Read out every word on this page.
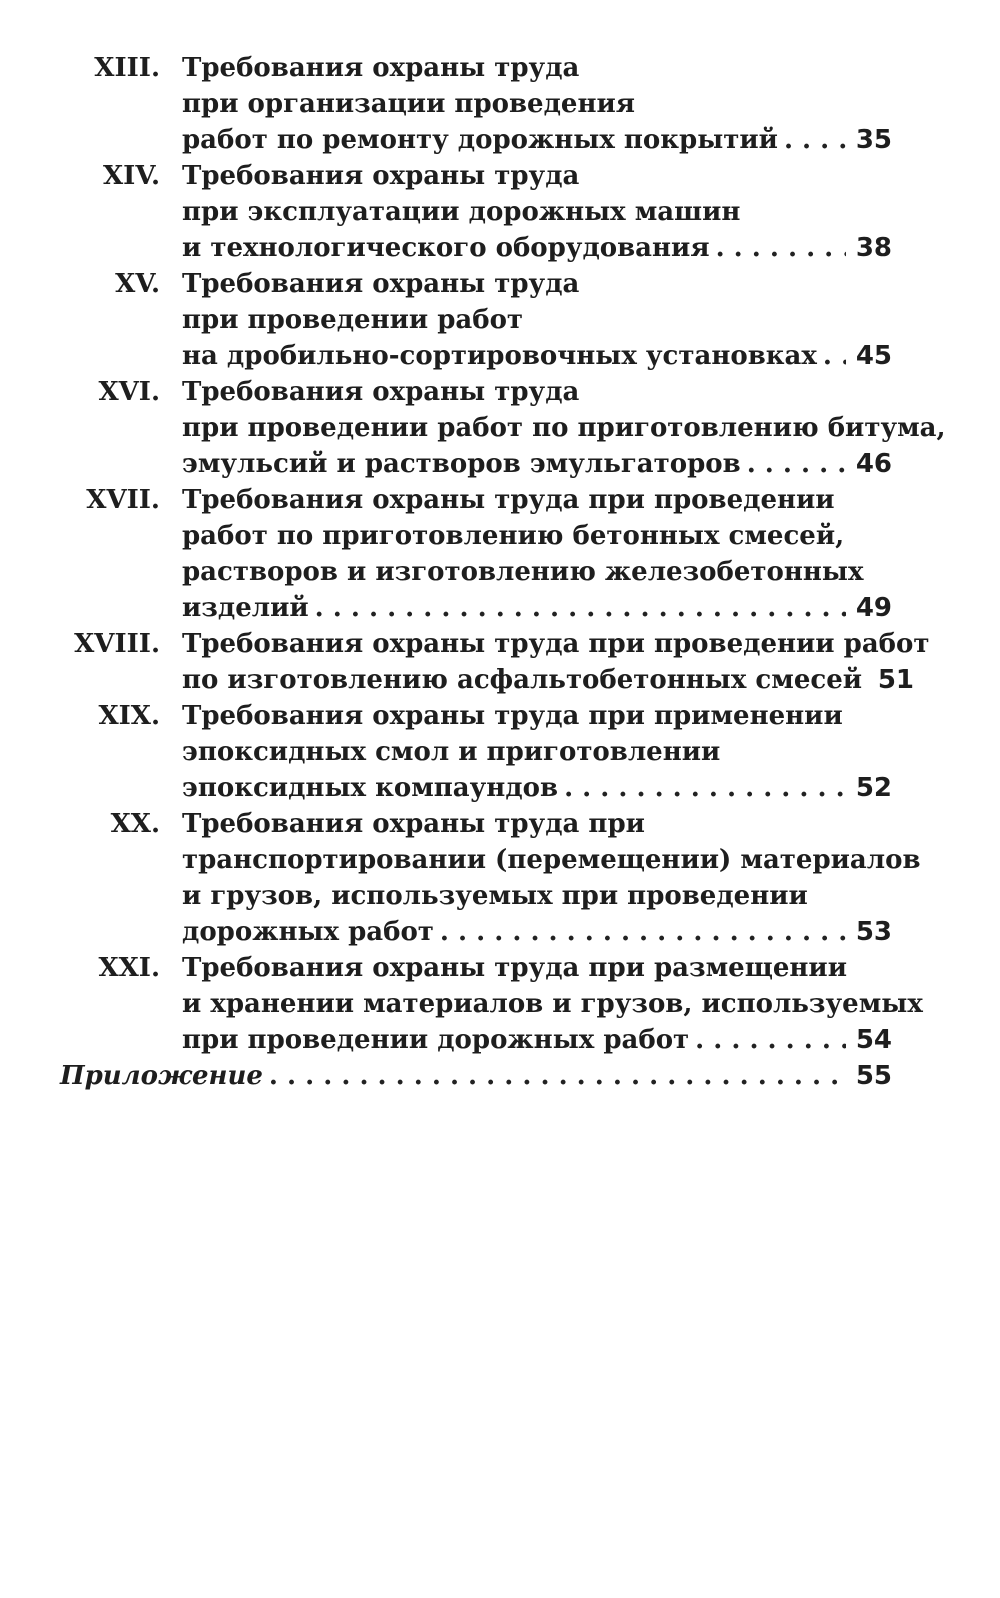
XIII. Требования охраны труда
при организации проведения
работ по ремонту дорожных покрытий . . .	35
XIV. Требования охраны труда
при эксплуатации дорожных машин
и технологического оборудования . . .	38
XV. Требования охраны труда
при проведении работ
на дробильно-сортировочных установках . . . 45
XVI. Требования охраны труда
при проведении работ по приготовлению битума,
эмульсий и растворов эмульгаторов . . .	46
XVII. Требования охраны труда при проведении
работ по приготовлению бетонных смесей,
растворов и изготовлению железобетонных
изделий . . .	49
XVIII. Требования охраны труда при проведении работ
по изготовлению асфальтобетонных смесей 51
XIX. Требования охраны труда при применении
эпоксидных смол и приготовлении
эпоксидных компаундов . . .	52
XX. Требования охраны труда при
транспортировании (перемещении) материалов
и грузов, используемых при проведении
дорожных работ . . .	53
XXI. Требования охраны труда при размещении
и хранении материалов и грузов, используемых
при проведении дорожных работ . . .	54
Приложение . . .	55
